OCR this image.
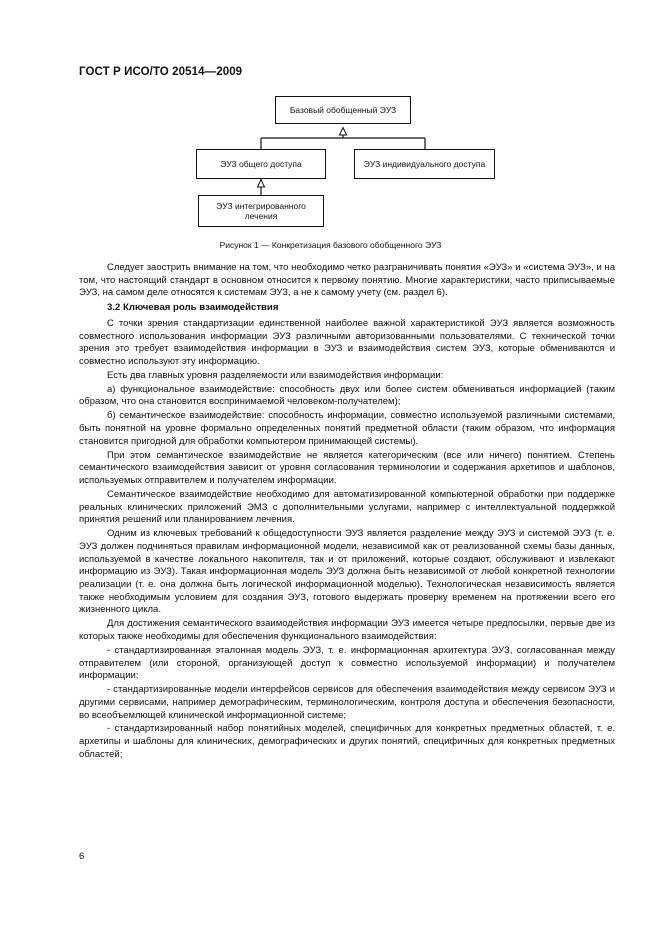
ГОСТ Р ИСО/ТО 20514—2009
Базовый обобщенный ЭУЗ
ЭУЗ общего доступа	ЭУЗ индивидуального доступа
ЭУЗ интегрированного лечения
Рисунок 1 — Конкретизация базового обобщенного ЭУЗ

Следует заострить внимание на том, что необходимо четко разграничивать понятия «ЭУЗ» и «система ЭУЗ», и на том, что настоящий стандарт в основном относится к первому понятию. Многие характеристики, часто приписываемые ЭУЗ, на самом деле относятся к системам ЭУЗ, а не к самому учету (см. раздел 6).

3.2 Ключевая роль взаимодействия

С точки зрения стандартизации единственной наиболее важной характеристикой ЭУЗ является возможность совместного использования информации ЭУЗ различными авторизованными пользователями. С технической точки зрения это требует взаимодействия информации в ЭУЗ и взаимодействия систем ЭУЗ, которые обмениваются и совместно используют эту информацию.

Есть два главных уровня разделяемости или взаимодействия информации:

а) функциональное взаимодействие: способность двух или более систем обмениваться информацией (таким образом, что она становится воспринимаемой человеком-получателем);

б) семантическое взаимодействие: способность информации, совместно используемой различными системами, быть понятной на уровне формально определенных понятий предметной области (таким образом, что информация становится пригодной для обработки компьютером принимающей системы).

При этом семантическое взаимодействие не является категорическим (все или ничего) понятием. Степень семантического взаимодействия зависит от уровня согласования терминологии и содержания архетипов и шаблонов, используемых отправителем и получателем информации.

Семантическое взаимодействие необходимо для автоматизированной компьютерной обработки при поддержке реальных клинических приложений ЭМЗ с дополнительными услугами, например с интеллектуальной поддержкой принятия решений или планированием лечения.

Одним из ключевых требований к общедоступности ЭУЗ является разделение между ЭУЗ и системой ЭУЗ (т. е. ЭУЗ должен подчиняться правилам информационной модели, независимой как от реализованной схемы базы данных, используемой в качестве локального накопителя, так и от приложений, которые создают, обслуживают и извлекают информацию из ЭУЗ). Такая информационная модель ЭУЗ должна быть независимой от любой конкретной технологии реализации (т. е. она должна быть логической информационной моделью). Технологическая независимость является также необходимым условием для создания ЭУЗ, готового выдержать проверку временем на протяжении всего его жизненного цикла.

Для достижения семантического взаимодействия информации ЭУЗ имеется четыре предпосылки, первые две из которых также необходимы для обеспечения функционального взаимодействия:

- стандартизированная эталонная модель ЭУЗ, т. е. информационная архитектура ЭУЗ, согласованная между отправителем (или стороной, организующей доступ к совместно используемой информации) и получателем информации;

- стандартизированные модели интерфейсов сервисов для обеспечения взаимодействия между сервисом ЭУЗ и другими сервисами, например демографическим, терминологическим, контроля доступа и обеспечения безопасности, во всеобъемлющей клинической информационной системе;

- стандартизированный набор понятийных моделей, специфичных для конкретных предметных областей, т. е. архетипы и шаблоны для клинических, демографических и других понятий, специфичных для конкретных предметных областей;

6
